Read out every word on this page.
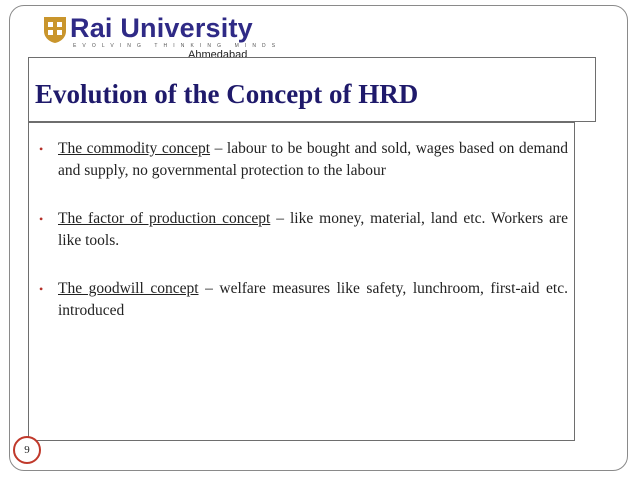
Rai University
EVOLVING THINKING MINDS
Ahmedabad
Evolution of the Concept of HRD
• The commodity concept – labour to be bought and sold, wages based on demand and supply, no governmental protection to the labour
• The factor of production concept – like money, material, land etc. Workers are like tools.
• The goodwill concept – welfare measures like safety, lunchroom, first-aid etc. introduced
9
